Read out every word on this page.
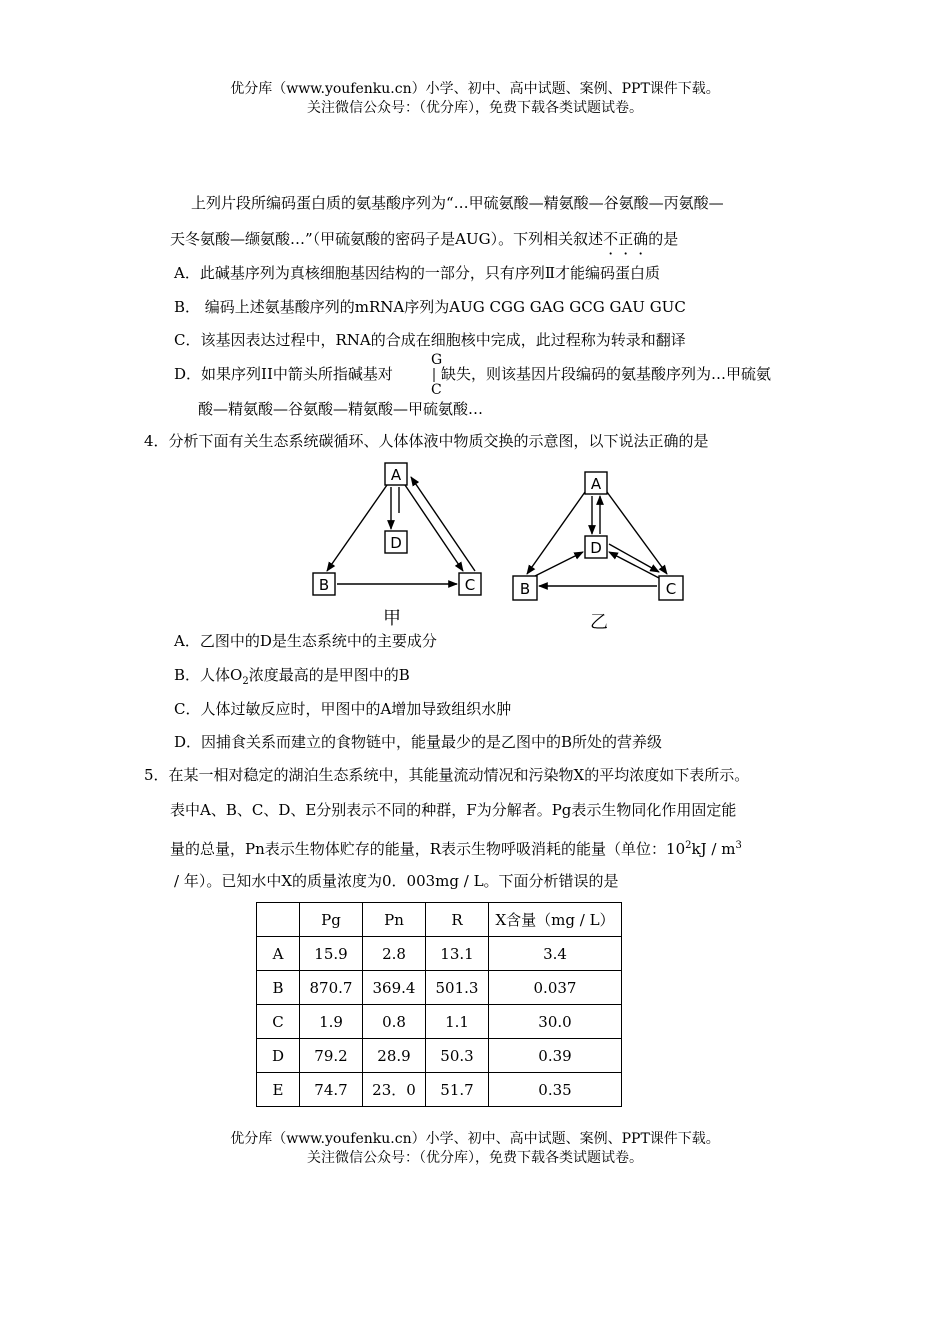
优分库（www.youfenku.cn）小学、初中、高中试题、案例、PPT课件下载。
关注微信公众号：（优分库），免费下载各类试题试卷。
上列片段所编码蛋白质的氨基酸序列为“…甲硫氨酸—精氨酸—谷氨酸—丙氨酸—
天冬氨酸—缬氨酸…”（甲硫氨酸的密码子是AUG）。下列相关叙述不正确的是
A．此碱基序列为真核细胞基因结构的一部分，只有序列Ⅱ才能编码蛋白质
B． 编码上述氨基酸序列的mRNA序列为AUG CGG GAG GCG GAU GUC
C．该基因表达过程中，RNA的合成在细胞核中完成，此过程称为转录和翻译
D．如果序列II中箭头所指碱基对
G
C
缺失，则该基因片段编码的氨基酸序列为…甲硫氨
酸—精氨酸—谷氨酸—精氨酸—甲硫氨酸…
4．分析下面有关生态系统碳循环、人体体液中物质交换的示意图，以下说法正确的是
A
D
B	C
甲
A
D
B	C
乙
A．乙图中的D是生态系统中的主要成分
B．人体$O_2$浓度最高的是甲图中的B
C．人体过敏反应时，甲图中的A增加导致组织水肿
D．因捕食关系而建立的食物链中，能量最少的是乙图中的B所处的营养级
5．在某一相对稳定的湖泊生态系统中，其能量流动情况和污染物X的平均浓度如下表所示。
表中A、B、C、D、E分别表示不同的种群，F为分解者。Pg表示生物同化作用固定能
量的总量，Pn表示生物体贮存的能量，R表示生物呼吸消耗的能量（单位：$10^2kJ / m^3$
/ 年）。已知水中X的质量浓度为0．003mg / L。下面分析错误的是
	Pg	Pn	R	X含量（mg / L）
A	15.9	2.8	13.1	3.4
B	870.7	369.4	501.3	0.037
C	1.9	0.8	1.1	30.0
D	79.2	28.9	50.3	0.39
E	74.7	23．0	51.7	0.35
优分库（www.youfenku.cn）小学、初中、高中试题、案例、PPT课件下载。
关注微信公众号：（优分库），免费下载各类试题试卷。
